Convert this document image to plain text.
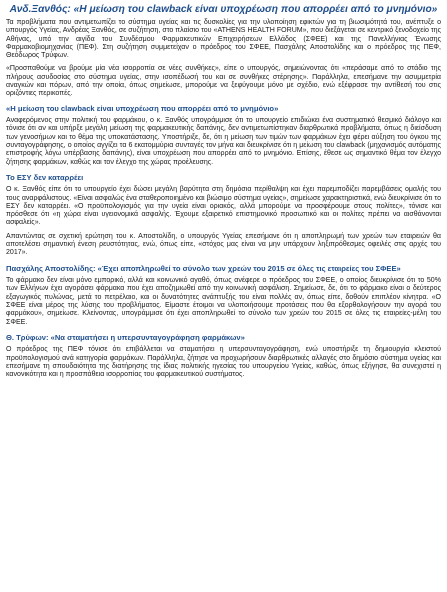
Ανδ.Ξανθός: «Η μείωση του clawback είναι υποχρέωση που απορρέει από το μνημόνιο»

Τα προβλήματα που αντιμετωπίζει το σύστημα υγείας και τις δυσκολίες για την υλοποίηση εφικτών για τη βιωσιμότητά του, ανέπτυξε ο υπουργός Υγείας, Ανδρέας Ξανθός, σε συζήτηση, στο πλαίσιο του «ATHENS HEALTH FORUM», που διεξάγεται σε κεντρικό ξενοδοχείο της Αθήνας, υπό την αιγίδα του Συνδέσμου Φαρμακευτικών Επιχειρήσεων Ελλάδος (ΣΦΕΕ) και της Πανελλήνιας Ένωσης Φαρμακοβιομηχανίας (ΠΕΦ). Στη συζήτηση συμμετείχαν ο πρόεδρος του ΣΦΕΕ, Πασχάλης Αποστολίδης και ο πρόεδρος της ΠΕΦ, Θεόδωρος Τρύφων.

«Προσπαθούμε να βρούμε μία νέα ισορροπία σε νέες συνθήκες», είπε ο υπουργός, σημειώνοντας ότι «περάσαμε από το στάδιο της πλήρους ασυδοσίας στο σύστημα υγείας, στην ισοπέδωσή του και σε συνθήκες στέρησης». Παράλληλα, επεσήμανε την ασυμμετρία αναγκών και πόρων, από την οποία, όπως σημείωσε, μπορούμε να ξεφύγουμε μόνο με σχέδιο, ενώ εξέφρασε την αντίθεσή του στις οριζόντιες περικοπές.

«Η μείωση του clawback είναι υποχρέωση που απορρέει από το μνημόνιο»

Αναφερόμενος στην πολιτική του φαρμάκου, ο κ. Ξανθός υπογράμμισε ότι το υπουργείο επιδιώκει ένα συστηματικό θεσμικό διάλογο και τόνισε ότι αν και υπήρξε μεγάλη μείωση της φαρμακευτικής δαπάνης, δεν αντιμετωπίστηκαν διαρθρωτικά προβλήματα, όπως η διείσδυση των γενοσήμων και το θέμα της υποκατάστασης. Υποστήριξε, δε, ότι η μείωση των τιμών των φαρμάκων έχει φέρει αύξηση του όγκου της συνταγογράφησης, ο οποίος αγγίζει τα 6 εκατομμύρια συνταγές τον μήνα και διευκρίνισε ότι η μείωση του clawback (μηχανισμός αυτόματης επιστροφής λόγω υπέρβασης δαπάνης), είναι υποχρέωση που απορρέει από το μνημόνιο. Επίσης, έθεσε ως σημαντικό θέμα τον έλεγχο ζήτησης φαρμάκων, καθώς και τον έλεγχο της χώρας προέλευσης.

Το ΕΣΥ δεν καταρρέει

Ο κ. Ξανθός είπε ότι το υπουργείο έχει δώσει μεγάλη βαρύτητα στη δημόσια περίθαλψη και έχει παρεμποδίζει παρεμβάσεις ομαλής του τους αναρφάλιστους. «Είναι ασφαλώς ένα σταθεροποιημένο και βιώσιμο σύστημα υγείας», σημείωσε χαρακτηριστικά, ενώ διευκρίνισε ότι το ΕΣΥ δεν καταρρέει. «Ο προϋπολογισμός για την υγεία είναι οριακός, αλλά μπορούμε να προσφέρουμε στους πολίτες», τόνισε και πρόσθεσε ότι «η χώρα είναι υγειονομικά ασφαλής. Έχουμε εξαιρετικό επιστημονικό προσωπικό και οι πολίτες πρέπει να αισθάνονται ασφαλείς».

Απαντώντας σε σχετική ερώτηση του κ. Αποστολίδη, ο υπουργός Υγείας επεσήμανε ότι η αποπληρωμή των χρεών των εταιρειών θα αποτελέσει σημαντική ένεση ρευστότητας, ενώ, όπως είπε, «στόχος μας είναι να μην υπάρχουν ληξιπρόθεσμες οφειλές στις αρχές του 2017».

Πασχάλης Αποστολίδης: «Έχει αποπληρωθεί το σύνολο των χρεών του 2015 σε όλες τις εταιρείες του ΣΦΕΕ»

Το φάρμακο δεν είναι μόνο εμπορικό, αλλά και κοινωνικό αγαθό, όπως ανέφερε ο πρόεδρος του ΣΦΕΕ, ο οποίος διευκρίνισε ότι το 50% των Ελλήνων έχει αγοράσει φάρμακα που έχει αποζημιωθεί από την κοινωνική ασφάλιση. Σημείωσε, δε, ότι το φάρμακο είναι ο δεύτερος εξαγωγικός πυλώνας, μετά το πετρέλαιο, και οι δυνατότητες ανάπτυξής του είναι πολλές αν, όπως είπε, δοθούν επιπλέον κίνητρα. «Ο ΣΦΕΕ είναι μέρος της λύσης του προβλήματος. Είμαστε έτοιμοι να υλοποιήσουμε προτάσεις που θα εξορθολογήσουν την αγορά του φαρμάκου», σημείωσε. Κλείνοντας, υπογράμμισε ότι έχει αποπληρωθεί το σύνολο των χρεών του 2015 σε όλες τις εταιρείες-μέλη του ΣΦΕΕ.

Θ. Τρύφων: «Να σταματήσει η υπερσυνταγογράφηση φαρμάκων»

Ο πρόεδρος της ΠΕΦ τόνισε ότι επιβάλλεται να σταματήσει η υπερσυνταγογράφηση, ενώ υποστήριξε τη δημιουργία κλειστού προϋπολογισμού ανά κατηγορία φαρμάκων. Παράλληλα, ζήτησε να προχωρήσουν διαρθρωτικές αλλαγές στο δημόσιο σύστημα υγείας και επεσήμανε τη σπουδαιότητα της διατήρησης της ίδιας πολιτικής ηγεσίας του υπουργείου Υγείας, καθώς, όπως εξήγησε, θα συνεχιστεί η κανονικότητα και η προσπάθεια ισορροπίας του φαρμακευτικού συστήματος.
